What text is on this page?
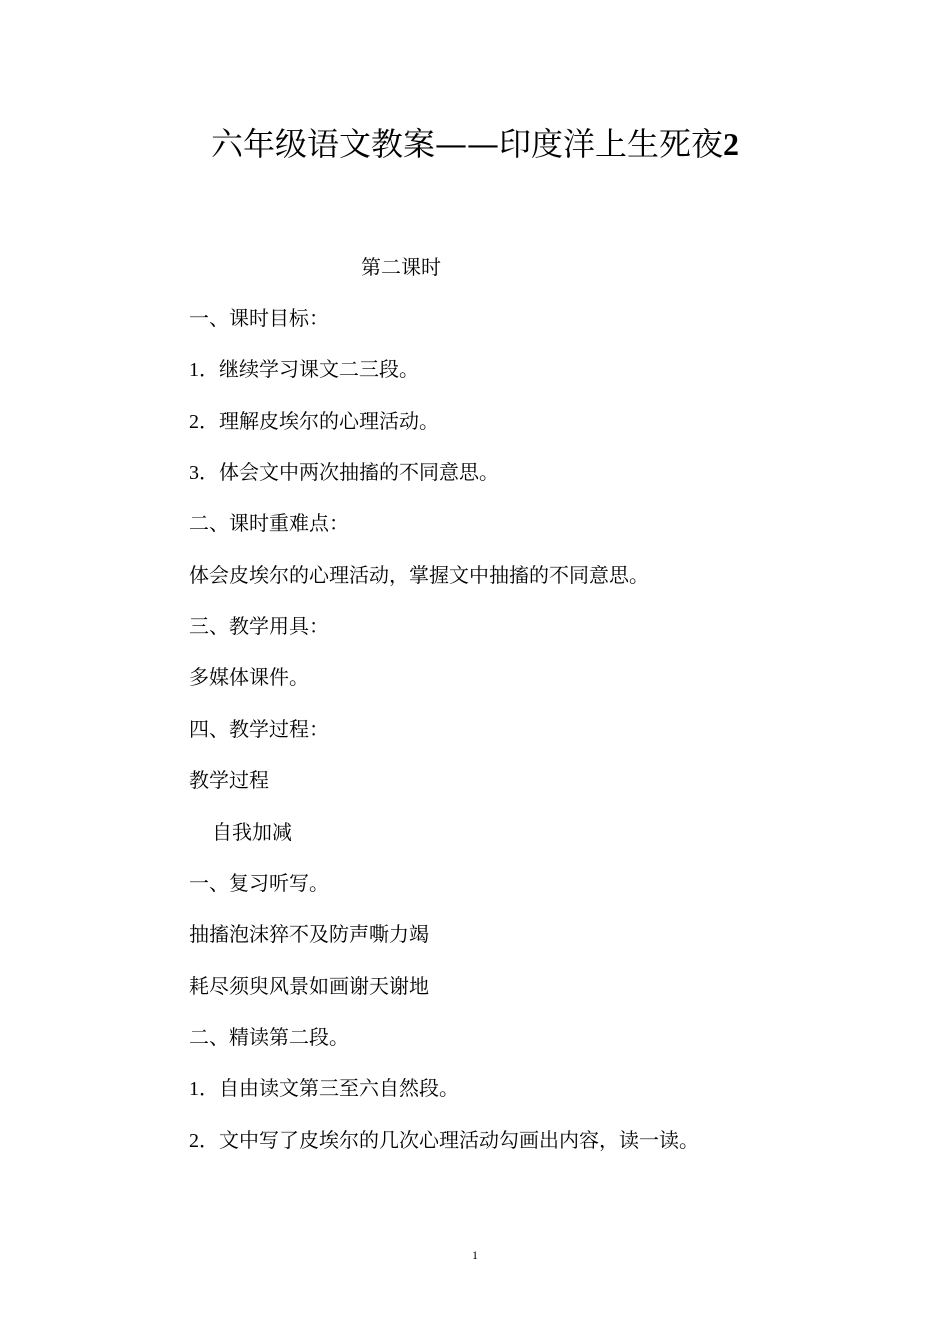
六年级语文教案——印度洋上生死夜2
第二课时
一、课时目标：
1．继续学习课文二三段。
2．理解皮埃尔的心理活动。
3．体会文中两次抽搐的不同意思。
二、课时重难点：
体会皮埃尔的心理活动，掌握文中抽搐的不同意思。
三、教学用具：
多媒体课件。
四、教学过程：
教学过程
自我加减
一、复习听写。
抽搐泡沫猝不及防声嘶力竭
耗尽须臾风景如画谢天谢地
二、精读第二段。
1．自由读文第三至六自然段。
2．文中写了皮埃尔的几次心理活动勾画出内容，读一读。
1
